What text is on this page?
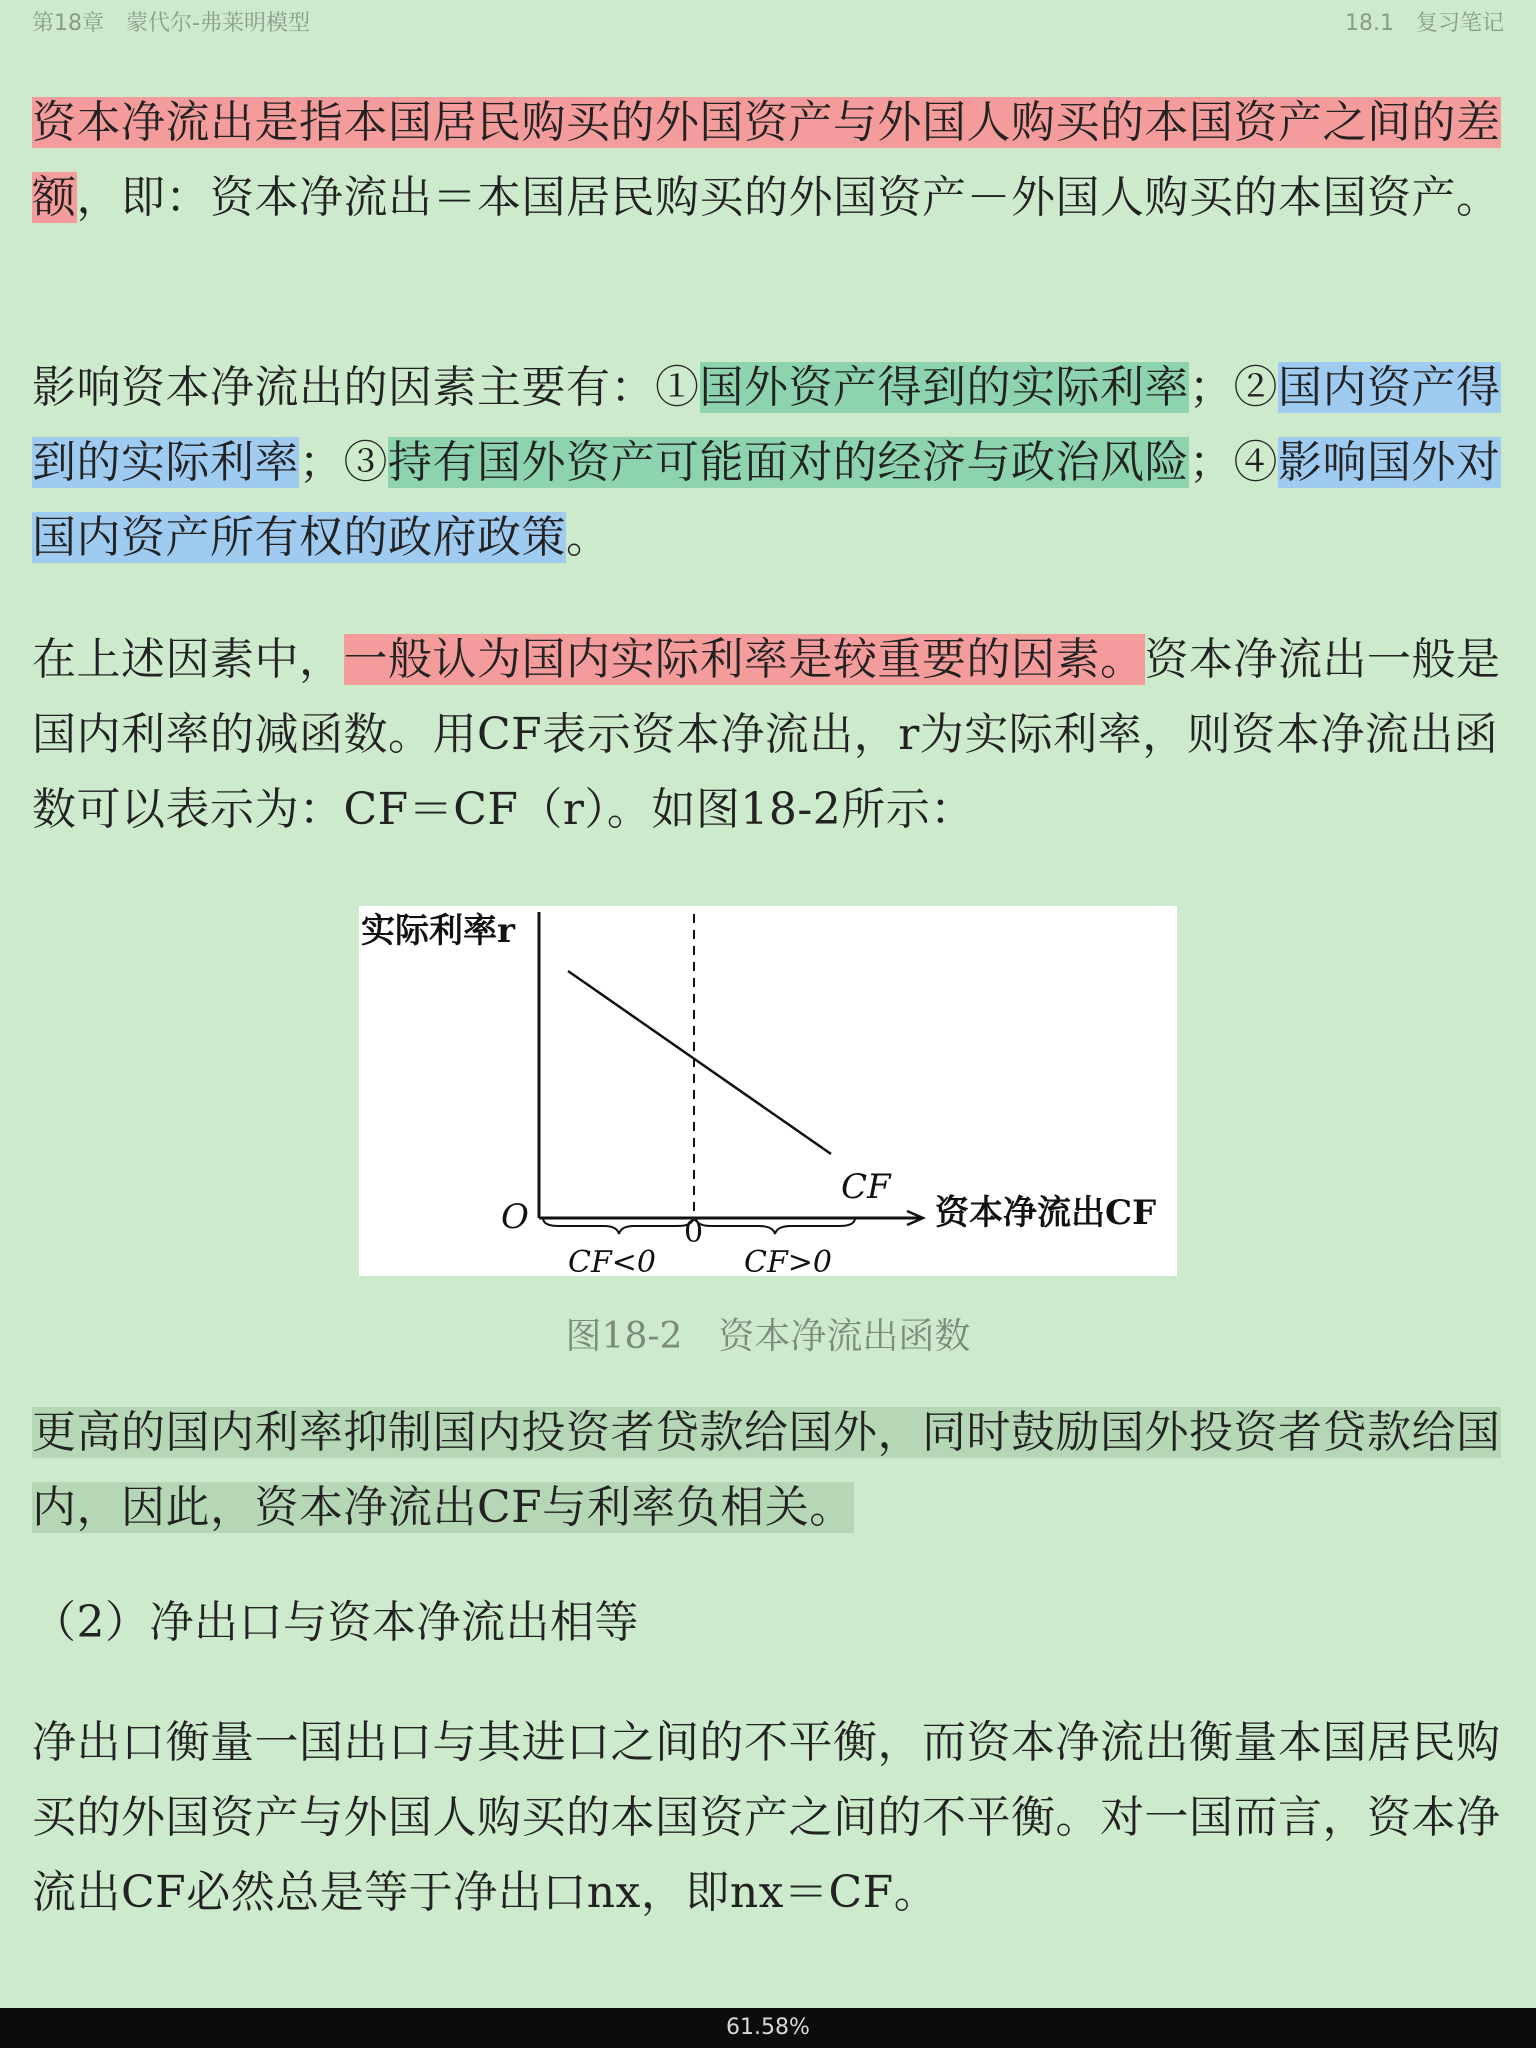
第18章 蒙代尔-弗莱明模型	18.1 复习笔记
资本净流出是指本国居民购买的外国资产与外国人购买的本国资产之间的差额，即：资本净流出＝本国居民购买的外国资产－外国人购买的本国资产。
影响资本净流出的因素主要有：①国外资产得到的实际利率；②国内资产得到的实际利率；③持有国外资产可能面对的经济与政治风险；④影响国外对国内资产所有权的政府政策。
在上述因素中，一般认为国内实际利率是较重要的因素。资本净流出一般是国内利率的减函数。用CF表示资本净流出，r为实际利率，则资本净流出函数可以表示为：CF＝CF（r）。如图18-2所示：
实际利率r
O	0
CF
资本净流出CF
CF<0	CF>0
图18-2　资本净流出函数
更高的国内利率抑制国内投资者贷款给国外，同时鼓励国外投资者贷款给国内，因此，资本净流出CF与利率负相关。
（2）净出口与资本净流出相等
净出口衡量一国出口与其进口之间的不平衡，而资本净流出衡量本国居民购买的外国资产与外国人购买的本国资产之间的不平衡。对一国而言，资本净流出CF必然总是等于净出口nx，即nx＝CF。
61.58%
